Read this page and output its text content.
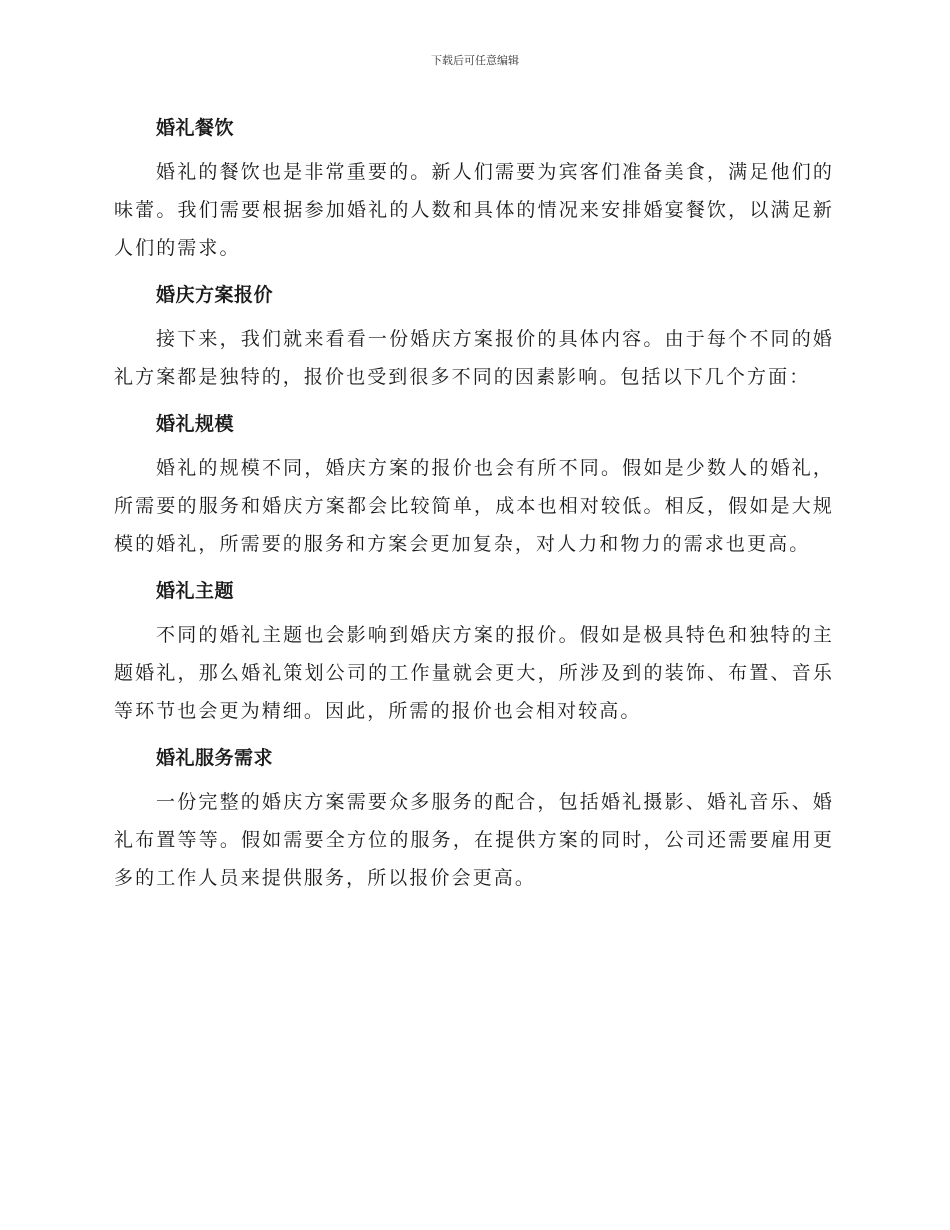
下载后可任意编辑
婚礼餐饮

婚礼的餐饮也是非常重要的。新人们需要为宾客们准备美食，满足他们的味蕾。我们需要根据参加婚礼的人数和具体的情况来安排婚宴餐饮，以满足新人们的需求。

婚庆方案报价

接下来，我们就来看看一份婚庆方案报价的具体内容。由于每个不同的婚礼方案都是独特的，报价也受到很多不同的因素影响。包括以下几个方面：

婚礼规模

婚礼的规模不同，婚庆方案的报价也会有所不同。假如是少数人的婚礼，所需要的服务和婚庆方案都会比较简单，成本也相对较低。相反，假如是大规模的婚礼，所需要的服务和方案会更加复杂，对人力和物力的需求也更高。

婚礼主题

不同的婚礼主题也会影响到婚庆方案的报价。假如是极具特色和独特的主题婚礼，那么婚礼策划公司的工作量就会更大，所涉及到的装饰、布置、音乐等环节也会更为精细。因此，所需的报价也会相对较高。

婚礼服务需求

一份完整的婚庆方案需要众多服务的配合，包括婚礼摄影、婚礼音乐、婚礼布置等等。假如需要全方位的服务，在提供方案的同时，公司还需要雇用更多的工作人员来提供服务，所以报价会更高。
